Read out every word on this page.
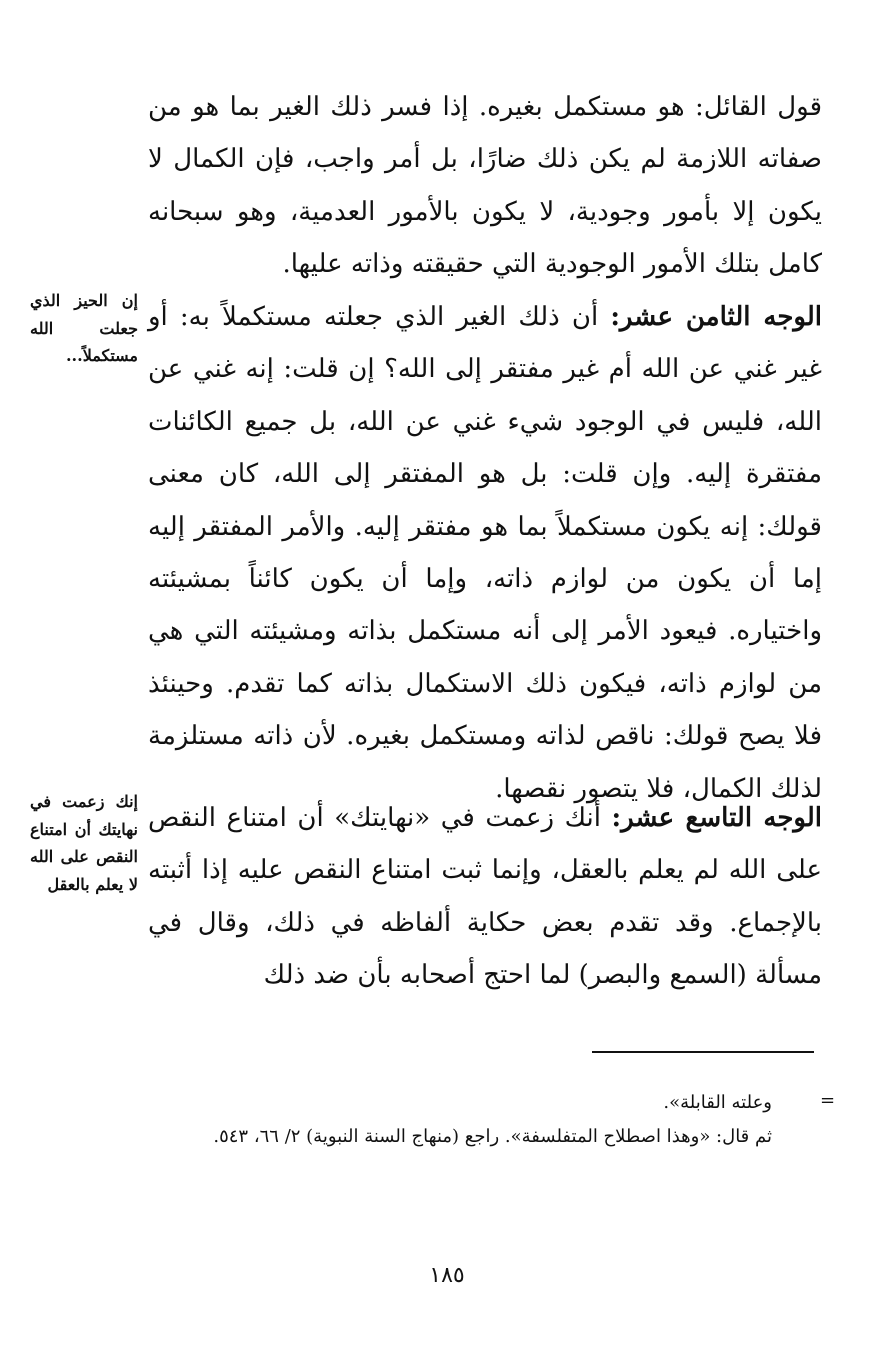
قول القائل: هو مستكمل بغيره. إذا فسر ذلك الغير بما هو من صفاته اللازمة لم يكن ذلك ضارًا، بل أمر واجب، فإن الكمال لا يكون إلا بأمور وجودية، لا يكون بالأمور العدمية، وهو سبحانه كامل بتلك الأمور الوجودية التي حقيقته وذاته عليها.
الوجه الثامن عشر: أن ذلك الغير الذي جعلته مستكملاً به: أو غير غني عن الله أم غير مفتقر إلى الله؟ إن قلت: إنه غني عن الله، فليس في الوجود شيء غني عن الله، بل جميع الكائنات مفتقرة إليه. وإن قلت: بل هو المفتقر إلى الله، كان معنى قولك: إنه يكون مستكملاً بما هو مفتقر إليه. والأمر المفتقر إليه إما أن يكون من لوازم ذاته، وإما أن يكون كائناً بمشيئته واختياره. فيعود الأمر إلى أنه مستكمل بذاته ومشيئته التي هي من لوازم ذاته، فيكون ذلك الاستكمال بذاته كما تقدم. وحينئذ فلا يصح قولك: ناقص لذاته ومستكمل بغيره. لأن ذاته مستلزمة لذلك الكمال، فلا يتصور نقصها.
الوجه التاسع عشر: أنك زعمت في «نهايتك» أن امتناع النقص على الله لم يعلم بالعقل، وإنما ثبت امتناع النقص عليه إذا أثبته بالإجماع. وقد تقدم بعض حكاية ألفاظه في ذلك، وقال في مسألة (السمع والبصر) لما احتج أصحابه بأن ضد ذلك
إن الحيز الذي جعلت الله مستكملاً...
إنك زعمت في نهايتك أن امتناع النقص على الله لا يعلم بالعقل
=
وعلته القابلة».
ثم قال: «وهذا اصطلاح المتفلسفة». راجع (منهاج السنة النبوية) ٢/ ٦٦، ٥٤٣.
١٨٥
